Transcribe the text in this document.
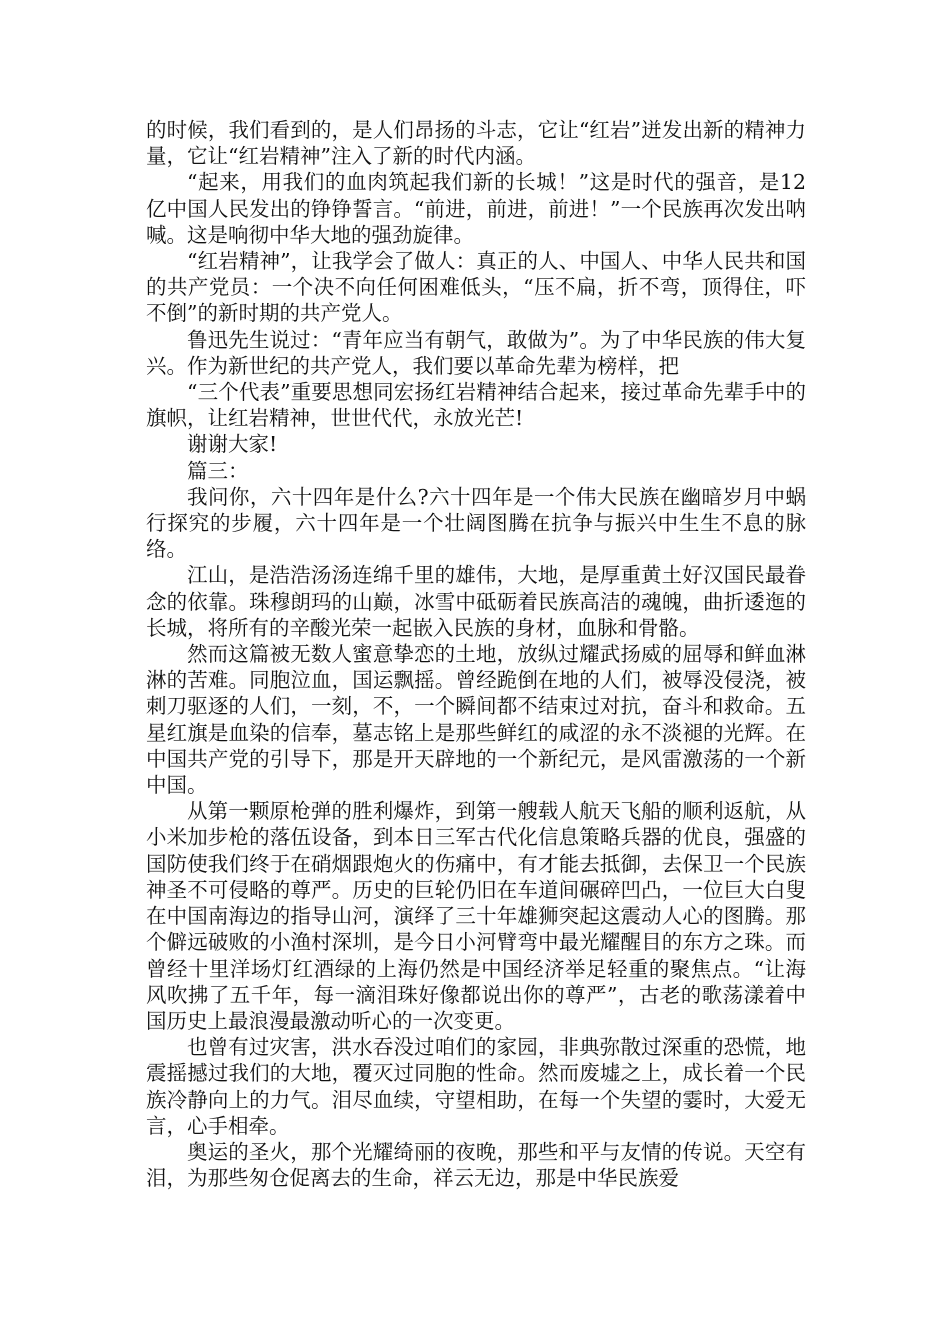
的时候，我们看到的，是人们昂扬的斗志，它让“红岩”迸发出新的精神力量，它让“红岩精神”注入了新的时代内涵。

“起来，用我们的血肉筑起我们新的长城！”这是时代的强音，是12亿中国人民发出的铮铮誓言。“前进，前进，前进！”一个民族再次发出呐喊。这是响彻中华大地的强劲旋律。

“红岩精神”，让我学会了做人：真正的人、中国人、中华人民共和国的共产党员：一个决不向任何困难低头，“压不扁，折不弯，顶得住，吓不倒”的新时期的共产党人。

鲁迅先生说过：“青年应当有朝气，敢做为”。为了中华民族的伟大复兴。作为新世纪的共产党人，我们要以革命先辈为榜样，把

“三个代表”重要思想同宏扬红岩精神结合起来，接过革命先辈手中的旗帜，让红岩精神，世世代代，永放光芒!

谢谢大家!

篇三：

我问你，六十四年是什么?六十四年是一个伟大民族在幽暗岁月中蜗行探究的步履，六十四年是一个壮阔图腾在抗争与振兴中生生不息的脉络。

江山，是浩浩汤汤连绵千里的雄伟，大地，是厚重黄土好汉国民最眷念的依靠。珠穆朗玛的山巅，冰雪中砥砺着民族高洁的魂魄，曲折逶迤的长城，将所有的辛酸光荣一起嵌入民族的身材，血脉和骨骼。

然而这篇被无数人蜜意挚恋的土地，放纵过耀武扬威的屈辱和鲜血淋淋的苦难。同胞泣血，国运飘摇。曾经跪倒在地的人们，被辱没侵浇，被刺刀驱逐的人们，一刻，不，一个瞬间都不结束过对抗，奋斗和救命。五星红旗是血染的信奉，墓志铭上是那些鲜红的咸涩的永不淡褪的光辉。在中国共产党的引导下，那是开天辟地的一个新纪元，是风雷激荡的一个新中国。

从第一颗原枪弹的胜利爆炸，到第一艘载人航天飞船的顺利返航，从小米加步枪的落伍设备，到本日三军古代化信息策略兵器的优良，强盛的国防使我们终于在硝烟跟炮火的伤痛中，有才能去抵御，去保卫一个民族神圣不可侵略的尊严。历史的巨轮仍旧在车道间碾碎凹凸，一位巨大白叟在中国南海边的指导山河，演绎了三十年雄狮突起这震动人心的图腾。那个僻远破败的小渔村深圳，是今日小河臂弯中最光耀醒目的东方之珠。而曾经十里洋场灯红酒绿的上海仍然是中国经济举足轻重的聚焦点。“让海风吹拂了五千年，每一滴泪珠好像都说出你的尊严”，古老的歌荡漾着中国历史上最浪漫最激动听心的一次变更。

也曾有过灾害，洪水吞没过咱们的家园，非典弥散过深重的恐慌，地震摇撼过我们的大地，覆灭过同胞的性命。然而废墟之上，成长着一个民族冷静向上的力气。泪尽血续，守望相助，在每一个失望的霎时，大爱无言，心手相牵。

奥运的圣火，那个光耀绮丽的夜晚，那些和平与友情的传说。天空有泪，为那些匆仓促离去的生命，祥云无边，那是中华民族爱
